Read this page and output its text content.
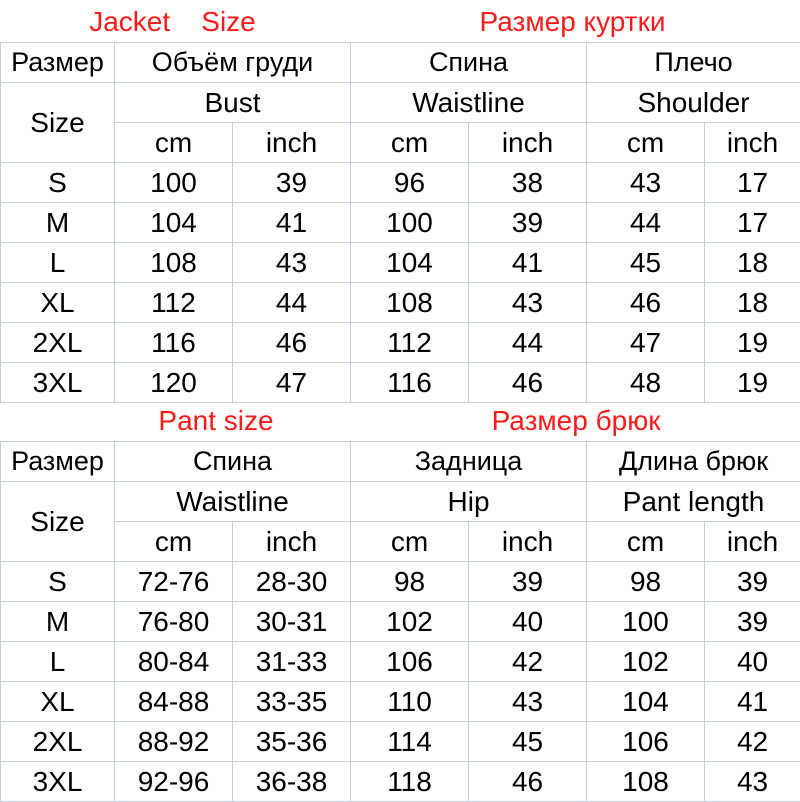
Jacket    Size	Размер куртки
Размер	Объём груди		Спина		Плечо	
Size	Bust		Waistline		Shoulder	
	cm	inch	cm	inch	cm	inch
S	100	39	96	38	43	17
M	104	41	100	39	44	17
L	108	43	104	41	45	18
XL	112	44	108	43	46	18
2XL	116	46	112	44	47	19
3XL	120	47	116	46	48	19
Pant size	Размер брюк
Размер	Спина		Задница		Длина брюк	
Size	Waistline		Hip		Pant length	
	cm	inch	cm	inch	cm	inch
S	72-76	28-30	98	39	98	39
M	76-80	30-31	102	40	100	39
L	80-84	31-33	106	42	102	40
XL	84-88	33-35	110	43	104	41
2XL	88-92	35-36	114	45	106	42
3XL	92-96	36-38	118	46	108	43
